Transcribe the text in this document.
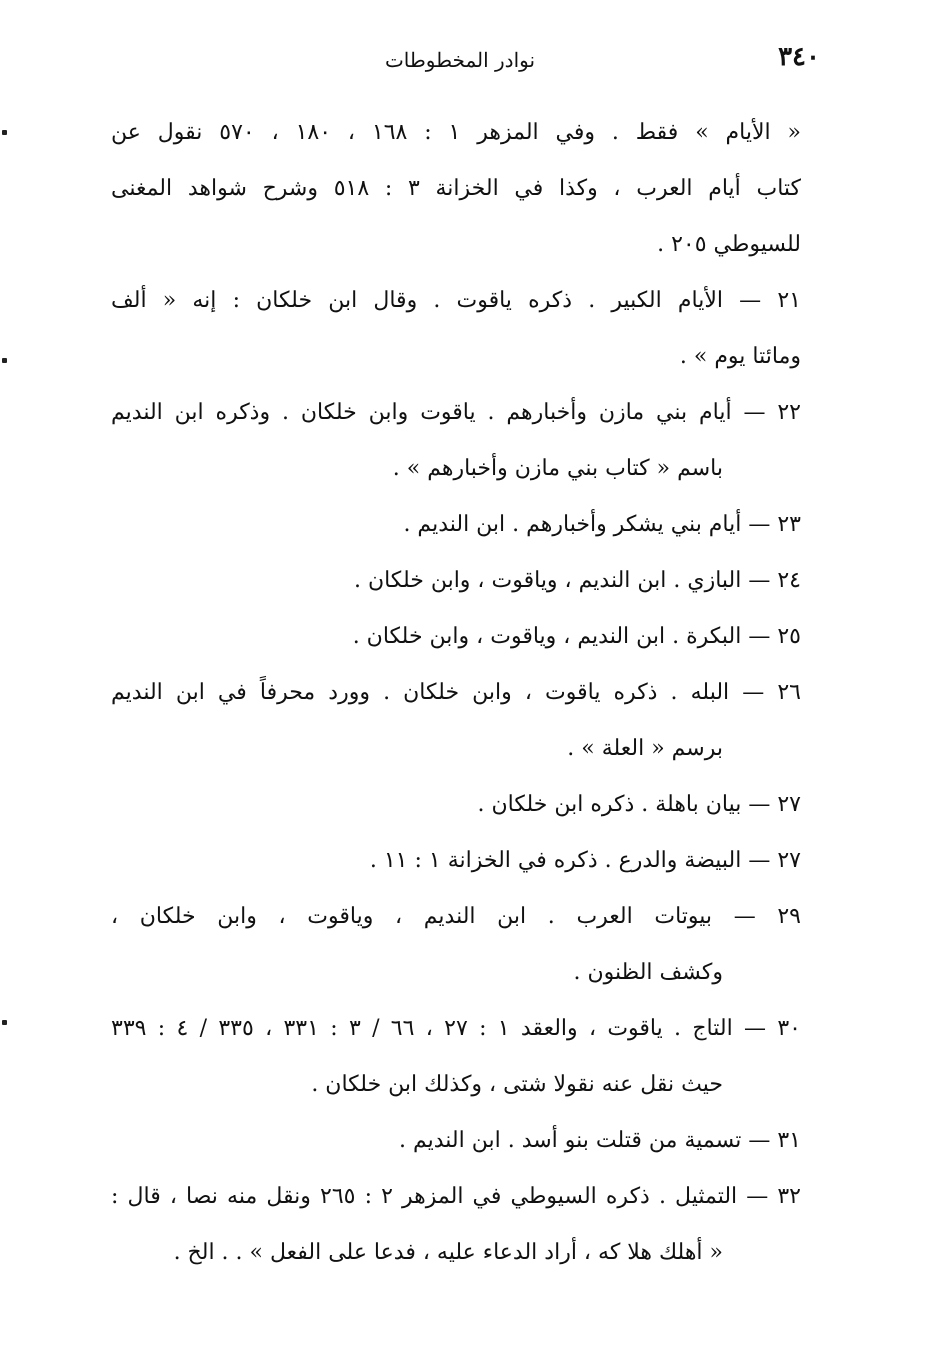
٣٤٠
نوادر المخطوطات
« الأيام » فقط . وفي المزهر ١ : ١٦٨ ، ١٨٠ ، ٥٧٠ نقول عن
كتاب أيام العرب ، وكذا في الخزانة ٣ : ٥١٨ وشرح شواهد المغنى
للسيوطي ٢٠٥ .
٢١ — الأيام الكبير . ذكره ياقوت . وقال ابن خلكان : إنه « ألف
ومائتا يوم » .
٢٢ — أيام بني مازن وأخبارهم . ياقوت وابن خلكان . وذكره ابن النديم
باسم « كتاب بني مازن وأخبارهم » .
٢٣ — أيام بني يشكر وأخبارهم . ابن النديم .
٢٤ — البازي . ابن النديم ، وياقوت ، وابن خلكان .
٢٥ — البكرة . ابن النديم ، وياقوت ، وابن خلكان .
٢٦ — البله . ذكره ياقوت ، وابن خلكان . وورد محرفاً في ابن النديم
برسم « العلة » .
٢٧ — بيان باهلة . ذكره ابن خلكان .
٢٧ — البيضة والدرع . ذكره في الخزانة ١ : ١١ .
٢٩ — بيوتات العرب . ابن النديم ، وياقوت ، وابن خلكان ،
وكشف الظنون .
٣٠ — التاج . ياقوت ، والعقد ١ : ٢٧ ، ٦٦ / ٣ : ٣٣١ ، ٣٣٥ / ٤ : ٣٣٩
حيث نقل عنه نقولا شتى ، وكذلك ابن خلكان .
٣١ — تسمية من قتلت بنو أسد . ابن النديم .
٣٢ — التمثيل . ذكره السيوطي في المزهر ٢ : ٢٦٥ ونقل منه نصا ، قال :
« أهلك هلا كه ، أراد الدعاء عليه ، فدعا على الفعل » . . الخ .
